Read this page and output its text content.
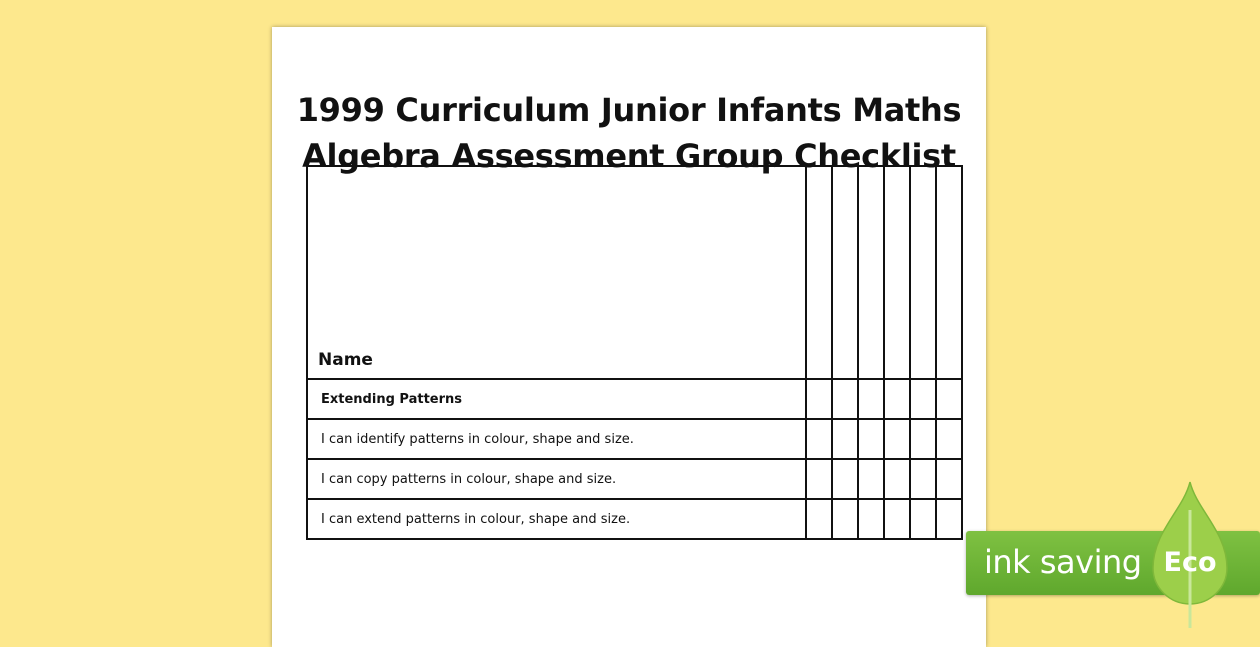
1999 Curriculum Junior Infants Maths
Algebra Assessment Group Checklist
Name						
Extending Patterns						
I can identify patterns in colour, shape and size.						
I can copy patterns in colour, shape and size.						
I can extend patterns in colour, shape and size.						
ink saving Eco
